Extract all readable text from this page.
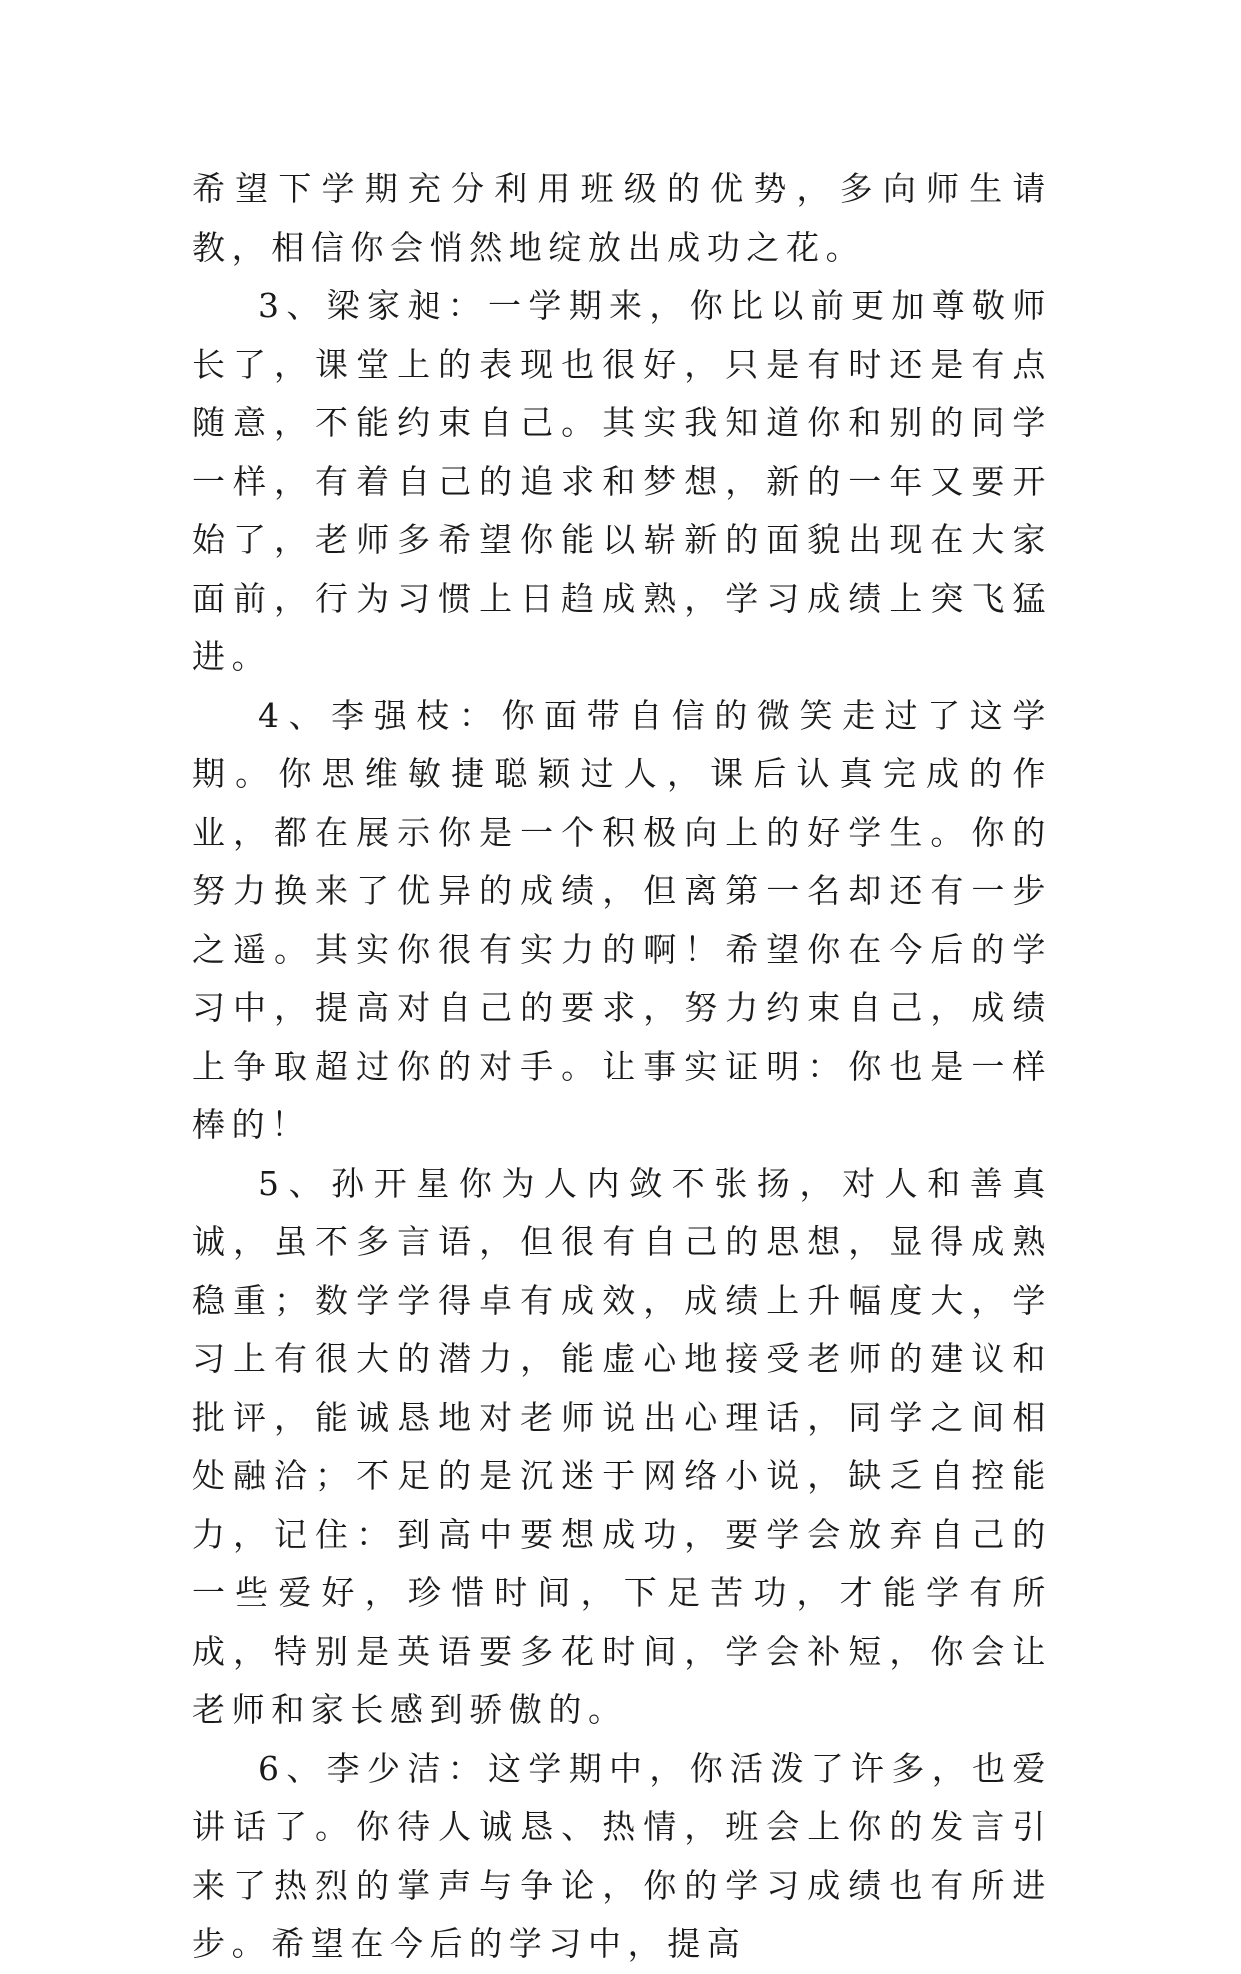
希望下学期充分利用班级的优势，多向师生请教，相信你会悄然地绽放出成功之花。

3、梁家昶：一学期来，你比以前更加尊敬师长了，课堂上的表现也很好，只是有时还是有点随意，不能约束自己。其实我知道你和别的同学一样，有着自己的追求和梦想，新的一年又要开始了，老师多希望你能以崭新的面貌出现在大家面前，行为习惯上日趋成熟，学习成绩上突飞猛进。

4、李强枝：你面带自信的微笑走过了这学期。你思维敏捷聪颖过人，课后认真完成的作业，都在展示你是一个积极向上的好学生。你的努力换来了优异的成绩，但离第一名却还有一步之遥。其实你很有实力的啊！希望你在今后的学习中，提高对自己的要求，努力约束自己，成绩上争取超过你的对手。让事实证明：你也是一样棒的！

5、孙开星你为人内敛不张扬，对人和善真诚，虽不多言语，但很有自己的思想，显得成熟稳重；数学学得卓有成效，成绩上升幅度大，学习上有很大的潜力，能虚心地接受老师的建议和批评，能诚恳地对老师说出心理话，同学之间相处融洽；不足的是沉迷于网络小说，缺乏自控能力，记住：到高中要想成功，要学会放弃自己的一些爱好，珍惜时间，下足苦功，才能学有所成，特别是英语要多花时间，学会补短，你会让老师和家长感到骄傲的。

6、李少洁：这学期中，你活泼了许多，也爱讲话了。你待人诚恳、热情，班会上你的发言引来了热烈的掌声与争论，你的学习成绩也有所进步。希望在今后的学习中，提高
